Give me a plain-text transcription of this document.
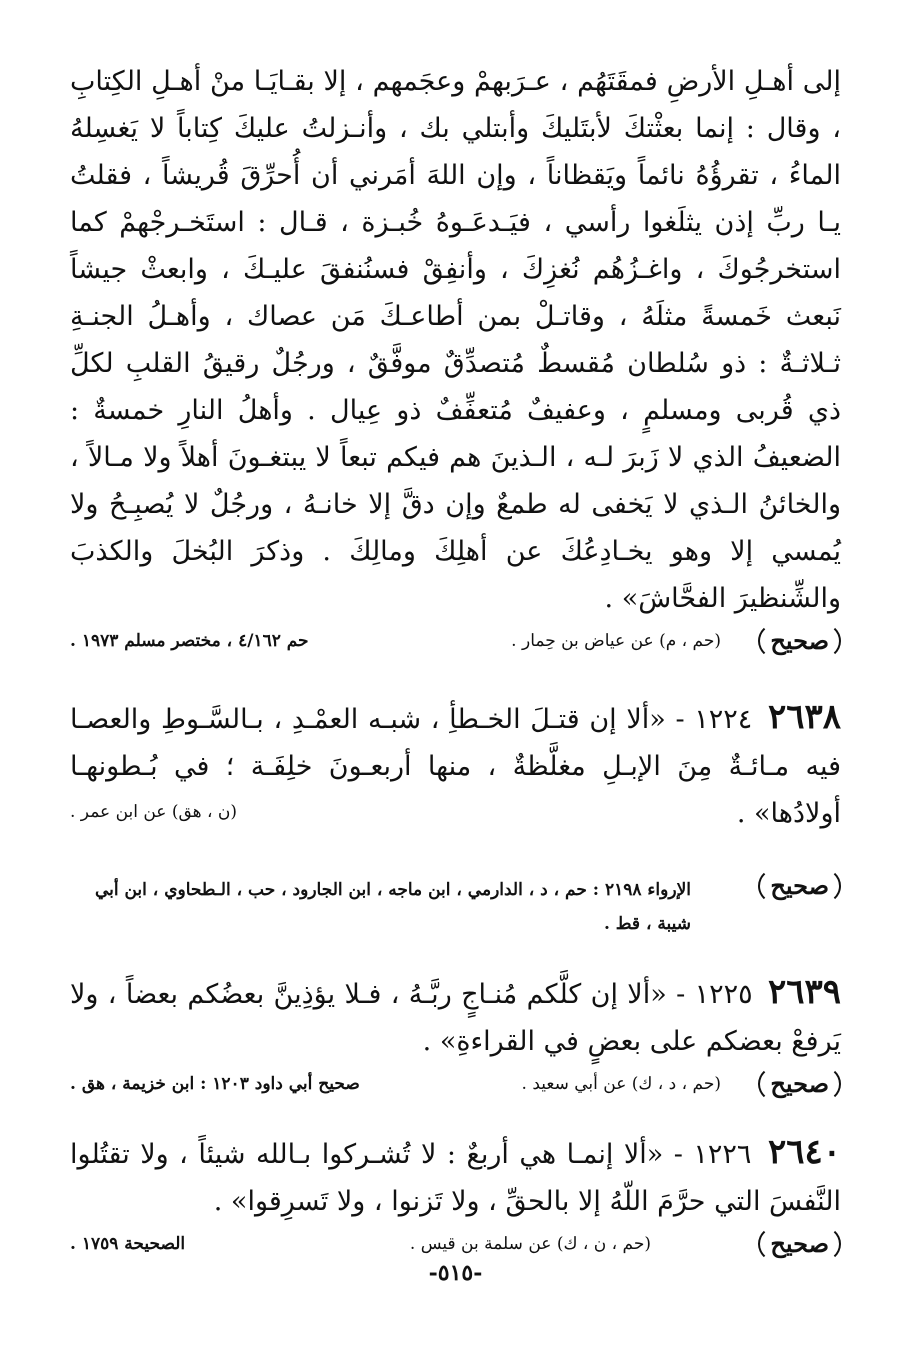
إلى أهـلِ الأرضِ فمقَتَهُم ، عـرَبهمْ وعجَمهم ، إلا بقـايَـا منْ أهـلِ الكِتابِ ، وقال : إنما بعثْتكَ لأبتَليكَ وأبتلي بك ، وأنـزلتُ عليكَ كِتاباً لا يَغسِلهُ الماءُ ، تقرؤُهُ نائماً ويَقظاناً ، وإن اللهَ أمَرني أن أُحرِّقَ قُريشاً ، فقلتُ يـا ربِّ إذن يثلَغوا رأسي ، فيَـدعَـوهُ خُبـزة ، قـال : استَخـرجْهمْ كما استخرجُوكَ ، واغـزُهُم نُغزِكَ ، وأنفِقْ فسنُنفقَ عليـكَ ، وابعثْ جيشاً نَبعث خَمسةً مثلَهُ ، وقاتـلْ بمن أطاعـكَ مَن عصاك ، وأهـلُ الجنـةِ ثـلاثـةٌ : ذو سُلطان مُقسطٌ مُتصدِّقٌ موفَّقٌ ، ورجُلٌ رقيقُ القلبِ لكلِّ ذي قُربى ومسلمٍ ، وعفيفٌ مُتعفِّفٌ ذو عِيال . وأهلُ النارِ خمسةٌ : الضعيفُ الذي لا زَبرَ لـه ، الـذينَ هم فيكم تبعاً لا يبتغـونَ أهلاً ولا مـالاً ، والخائنُ الـذي لا يَخفى له طمعٌ وإن دقَّ إلا خانـهُ ، ورجُلٌ لا يُصبِـحُ ولا يُمسي إلا وهو يخـادِعُكَ عن أهلِكَ ومالِكَ . وذكرَ البُخلَ والكذبَ والشِّنظيرَ الفحَّاشَ» .

صحيح
(حم ، م) عن عياض بن حِمار .
حم ٤/١٦٢ ، مختصر مسلم ١٩٧٣ .

٢٦٣٨ ١٢٢٤ - «ألا إن قتـلَ الخـطأِ ، شبـه العمْـدِ ، بـالسَّـوطِ والعصـا فيه مـائـةٌ مِنَ الإبـلِ مغلَّظةٌ ، منها أربعـونَ خلِفَـة ؛ في بُـطونهـا أولادُها» .

(ن ، هق) عن ابن عمر .
صحيح
الإرواء ٢١٩٨ : حم ، د ، الدارمي ، ابن ماجه ، ابن الجارود ، حب ، الـطحاوي ، ابن أبي شيبة ، قط .

٢٦٣٩ ١٢٢٥ - «ألا إن كلَّكم مُنـاجٍ ربَّـهُ ، فـلا يؤذِينَّ بعضُكم بعضاً ، ولا يَرفعْ بعضكم على بعضٍ في القراءةِ» .

صحيح
(حم ، د ، ك) عن أبي سعيد .
صحيح أبي داود ١٢٠٣ : ابن خزيمة ، هق .

٢٦٤٠ ١٢٢٦ - «ألا إنمـا هي أربعٌ : لا تُشـركوا بـالله شيئاً ، ولا تقتُلوا النَّفسَ التي حرَّمَ اللّهُ إلا بالحقِّ ، ولا تَزنوا ، ولا تَسرِقوا» .

صحيح
(حم ، ن ، ك) عن سلمة بن قيس .
الصحيحة ١٧٥٩ .
-٥١٥-
